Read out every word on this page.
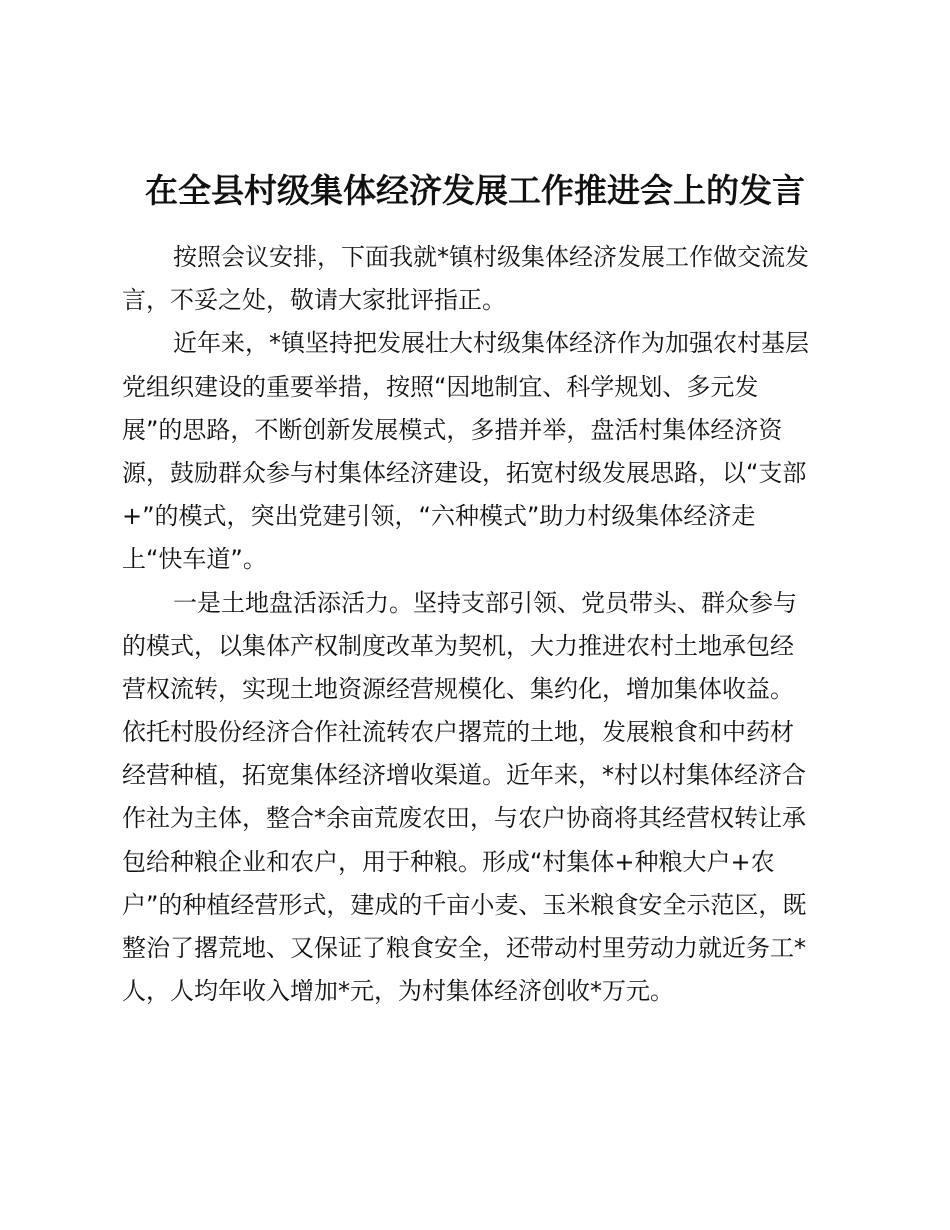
在全县村级集体经济发展工作推进会上的发言
按照会议安排，下面我就*镇村级集体经济发展工作做交流发
言，不妥之处，敬请大家批评指正。
近年来，*镇坚持把发展壮大村级集体经济作为加强农村基层
党组织建设的重要举措，按照“因地制宜、科学规划、多元发
展”的思路，不断创新发展模式，多措并举，盘活村集体经济资
源，鼓励群众参与村集体经济建设，拓宽村级发展思路，以“支部
+”的模式，突出党建引领，“六种模式”助力村级集体经济走
上“快车道”。
一是土地盘活添活力。坚持支部引领、党员带头、群众参与
的模式，以集体产权制度改革为契机，大力推进农村土地承包经
营权流转，实现土地资源经营规模化、集约化，增加集体收益。
依托村股份经济合作社流转农户撂荒的土地，发展粮食和中药材
经营种植，拓宽集体经济增收渠道。近年来，*村以村集体经济合
作社为主体，整合*余亩荒废农田，与农户协商将其经营权转让承
包给种粮企业和农户，用于种粮。形成“村集体+种粮大户+农
户”的种植经营形式，建成的千亩小麦、玉米粮食安全示范区，既
整治了撂荒地、又保证了粮食安全，还带动村里劳动力就近务工*
人，人均年收入增加*元，为村集体经济创收*万元。
